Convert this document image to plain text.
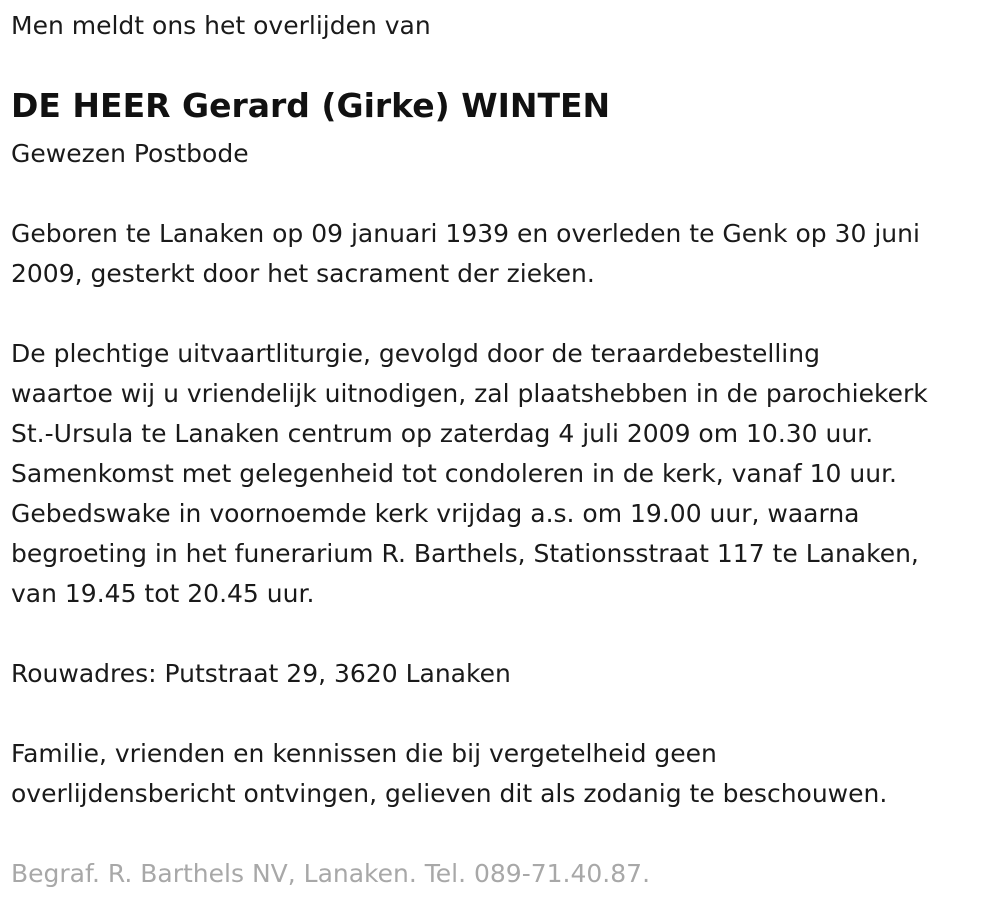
Men meldt ons het overlijden van
DE HEER Gerard (Girke) WINTEN
Gewezen Postbode
Geboren te Lanaken op 09 januari 1939 en overleden te Genk op 30 juni
2009, gesterkt door het sacrament der zieken.
De plechtige uitvaartliturgie, gevolgd door de teraardebestelling
waartoe wij u vriendelijk uitnodigen, zal plaatshebben in de parochiekerk
St.-Ursula te Lanaken centrum op zaterdag 4 juli 2009 om 10.30 uur.
Samenkomst met gelegenheid tot condoleren in de kerk, vanaf 10 uur.
Gebedswake in voornoemde kerk vrijdag a.s. om 19.00 uur, waarna
begroeting in het funerarium R. Barthels, Stationsstraat 117 te Lanaken,
van 19.45 tot 20.45 uur.
Rouwadres: Putstraat 29, 3620 Lanaken
Familie, vrienden en kennissen die bij vergetelheid geen
overlijdensbericht ontvingen, gelieven dit als zodanig te beschouwen.
Begraf. R. Barthels NV, Lanaken. Tel. 089-71.40.87.
